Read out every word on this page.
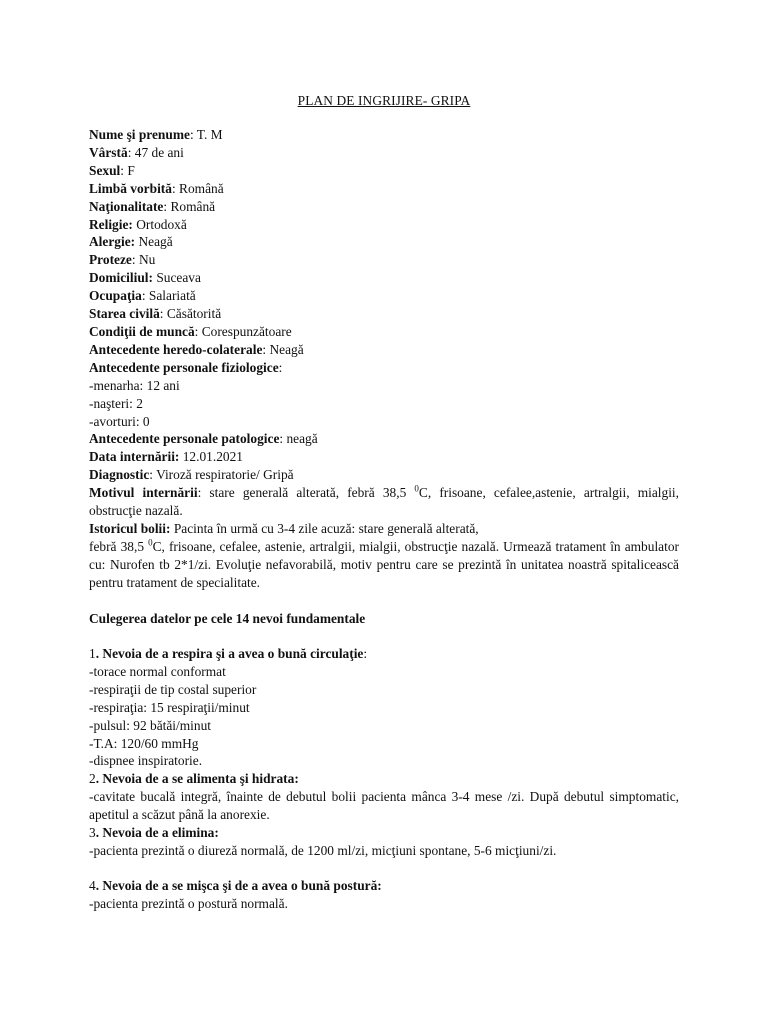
PLAN DE INGRIJIRE- GRIPA
Nume şi prenume: T. M
Vârstă: 47 de ani
Sexul: F
Limbă vorbită: Română
Naţionalitate: Română
Religie: Ortodoxă
Alergie: Neagă
Proteze: Nu
Domiciliul: Suceava
Ocupaţia: Salariată
Starea civilă: Căsătorită
Condiţii de muncă: Corespunzătoare
Antecedente heredo-colaterale: Neagă
Antecedente personale fiziologice:
-menarha: 12 ani
-naşteri: 2
-avorturi: 0
Antecedente personale patologice: neagă
Data internării: 12.01.2021
Diagnostic: Viroză respiratorie/ Gripă
Motivul internării: stare generală alterată, febră 38,5 $^0$C, frisoane, cefalee,astenie, artralgii, mialgii, obstrucţie nazală.
Istoricul bolii: Pacinta în urmă cu 3-4 zile acuză: stare generală alterată,
febră 38,5 $^0$C, frisoane, cefalee, astenie, artralgii, mialgii, obstrucţie nazală. Urmează tratament în ambulator cu: Nurofen tb 2*1/zi. Evoluţie nefavorabilă, motiv pentru care se prezintă în unitatea noastră spitalicească pentru tratament de specialitate.
Culegerea datelor pe cele 14 nevoi fundamentale
1. Nevoia de a respira şi a avea o bună circulaţie:
-torace normal conformat
-respiraţii de tip costal superior
-respiraţia: 15 respiraţii/minut
-pulsul: 92 bătăi/minut
-T.A: 120/60 mmHg
-dispnee inspiratorie.
2. Nevoia de a se alimenta şi hidrata:
-cavitate bucală integră, înainte de debutul bolii pacienta mânca 3-4 mese /zi. După debutul simptomatic, apetitul a scăzut până la anorexie.
3. Nevoia de a elimina:
-pacienta prezintă o diureză normală, de 1200 ml/zi, micţiuni spontane, 5-6 micţiuni/zi.
4. Nevoia de a se mişca şi de a avea o bună postură:
-pacienta prezintă o postură normală.
